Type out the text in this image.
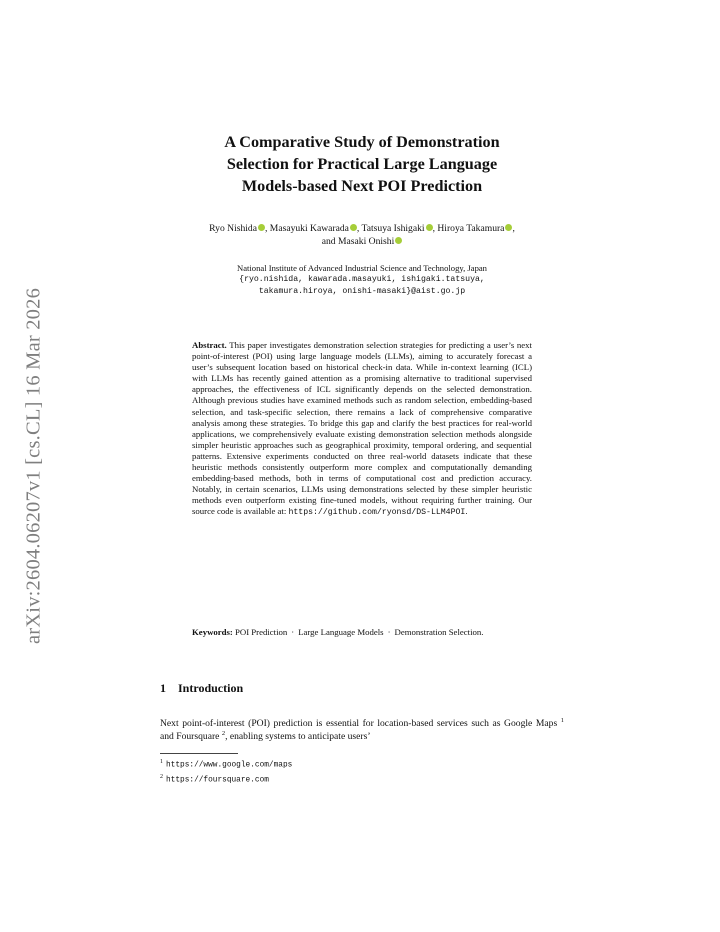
arXiv:2604.06207v1 [cs.CL] 16 Mar 2026
A Comparative Study of Demonstration
Selection for Practical Large Language
Models-based Next POI Prediction
Ryo Nishida , Masayuki Kawarada , Tatsuya Ishigaki , Hiroya Takamura ,
and Masaki Onishi
National Institute of Advanced Industrial Science and Technology, Japan
{ryo.nishida, kawarada.masayuki, ishigaki.tatsuya,
takamura.hiroya, onishi-masaki}@aist.go.jp
Abstract. This paper investigates demonstration selection strategies for predicting a user’s next point-of-interest (POI) using large language models (LLMs), aiming to accurately forecast a user’s subsequent location based on historical check-in data. While in-context learning (ICL) with LLMs has recently gained attention as a promising alternative to traditional supervised approaches, the effectiveness of ICL significantly depends on the selected demonstration. Although previous studies have examined methods such as random selection, embedding-based selection, and task-specific selection, there remains a lack of comprehensive comparative analysis among these strategies. To bridge this gap and clarify the best practices for real-world applications, we comprehensively evaluate existing demonstration selection methods alongside simpler heuristic approaches such as geographical proximity, temporal ordering, and sequential patterns. Extensive experiments conducted on three real-world datasets indicate that these heuristic methods consistently outperform more complex and computationally demanding embedding-based methods, both in terms of computational cost and prediction accuracy. Notably, in certain scenarios, LLMs using demonstrations selected by these simpler heuristic methods even outperform existing fine-tuned models, without requiring further training. Our source code is available at: https://github.com/ryonsd/DS-LLM4POI.
Keywords: POI Prediction · Large Language Models · Demonstration Selection.
1 Introduction
Next point-of-interest (POI) prediction is essential for location-based services such as Google Maps $^1$ and Foursquare $^2$, enabling systems to anticipate users’
$^1$ https://www.google.com/maps
$^2$ https://foursquare.com
